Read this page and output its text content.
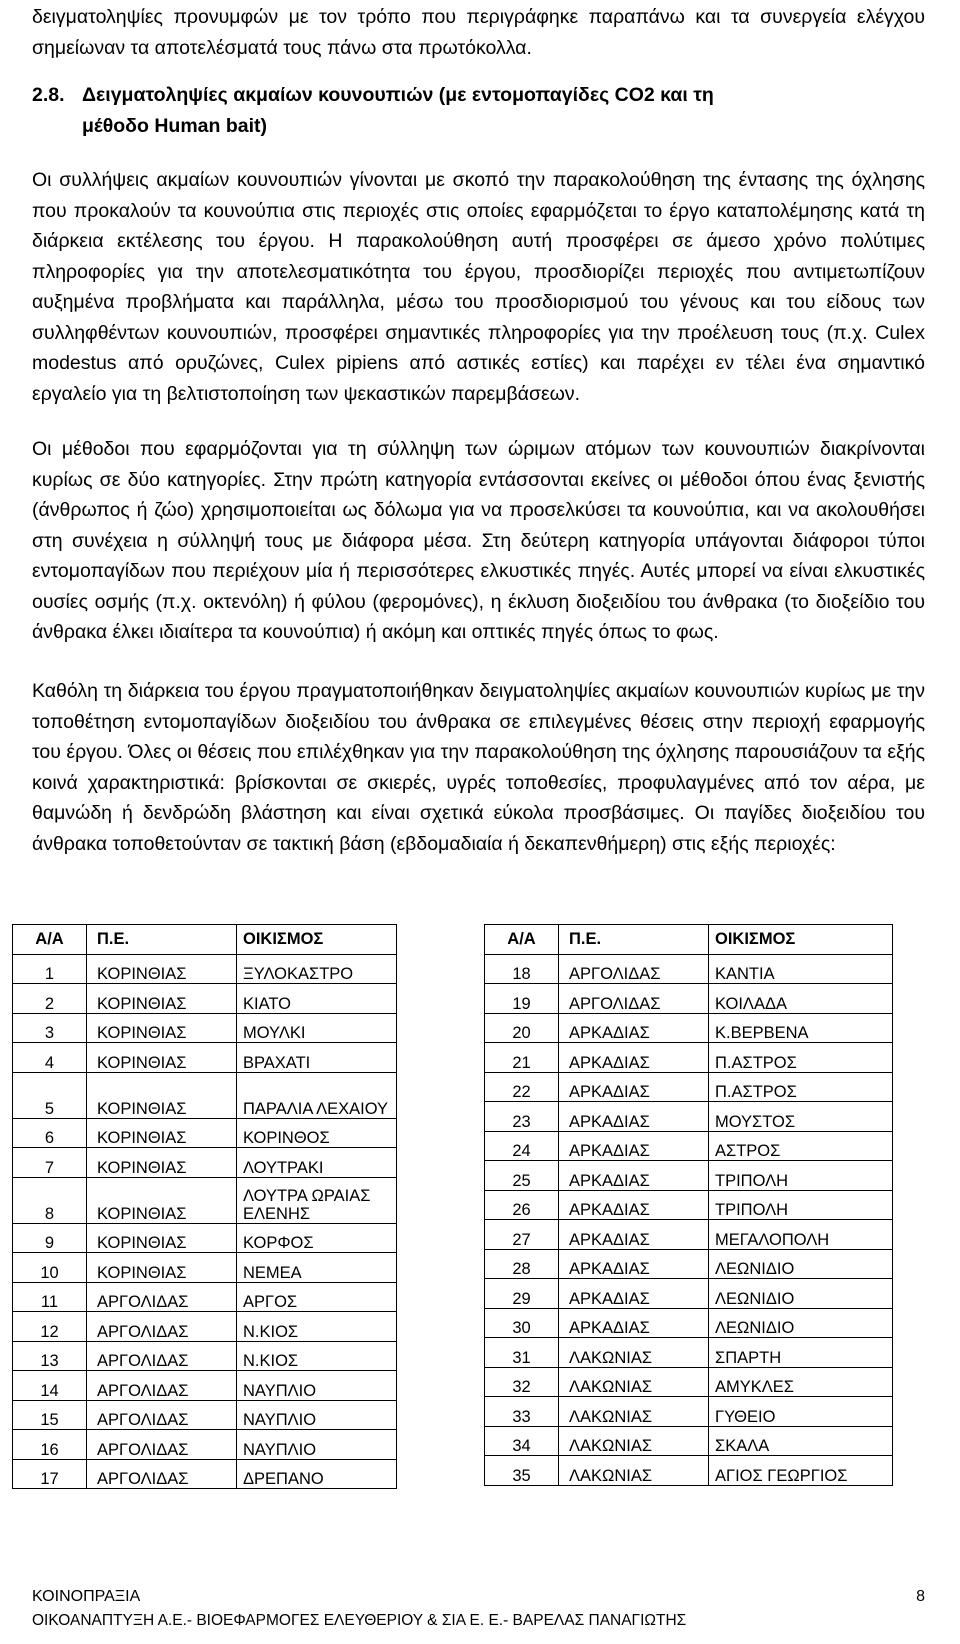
δειγματοληψίες προνυμφών με τον τρόπο που περιγράφηκε παραπάνω και τα συνεργεία ελέγχου σημείωναν τα αποτελέσματά τους πάνω στα πρωτόκολλα.

2.8. Δειγματοληψίες ακμαίων κουνουπιών (με εντομοπαγίδες CO2 και τη
μέθοδο Human bait)

Οι συλλήψεις ακμαίων κουνουπιών γίνονται με σκοπό την παρακολούθηση της έντασης της όχλησης που προκαλούν τα κουνούπια στις περιοχές στις οποίες εφαρμόζεται το έργο καταπολέμησης κατά τη διάρκεια εκτέλεσης του έργου. Η παρακολούθηση αυτή προσφέρει σε άμεσο χρόνο πολύτιμες πληροφορίες για την αποτελεσματικότητα του έργου, προσδιορίζει περιοχές που αντιμετωπίζουν αυξημένα προβλήματα και παράλληλα, μέσω του προσδιορισμού του γένους και του είδους των συλληφθέντων κουνουπιών, προσφέρει σημαντικές πληροφορίες για την προέλευση τους (π.χ. Culex modestus από ορυζώνες, Culex pipiens από αστικές εστίες) και παρέχει εν τέλει ένα σημαντικό εργαλείο για τη βελτιστοποίηση των ψεκαστικών παρεμβάσεων.

Οι μέθοδοι που εφαρμόζονται για τη σύλληψη των ώριμων ατόμων των κουνουπιών διακρίνονται κυρίως σε δύο κατηγορίες. Στην πρώτη κατηγορία εντάσσονται εκείνες οι μέθοδοι όπου ένας ξενιστής (άνθρωπος ή ζώο) χρησιμοποιείται ως δόλωμα για να προσελκύσει τα κουνούπια, και να ακολουθήσει στη συνέχεια η σύλληψή τους με διάφορα μέσα. Στη δεύτερη κατηγορία υπάγονται διάφοροι τύποι εντομοπαγίδων που περιέχουν μία ή περισσότερες ελκυστικές πηγές. Αυτές μπορεί να είναι ελκυστικές ουσίες οσμής (π.χ. οκτενόλη) ή φύλου (φερομόνες), η έκλυση διοξειδίου του άνθρακα (το διοξείδιο του άνθρακα έλκει ιδιαίτερα τα κουνούπια) ή ακόμη και οπτικές πηγές όπως το φως.

Καθόλη τη διάρκεια του έργου πραγματοποιήθηκαν δειγματοληψίες ακμαίων κουνουπιών κυρίως με την τοποθέτηση εντομοπαγίδων διοξειδίου του άνθρακα σε επιλεγμένες θέσεις στην περιοχή εφαρμογής του έργου. Όλες οι θέσεις που επιλέχθηκαν για την παρακολούθηση της όχλησης παρουσιάζουν τα εξής κοινά χαρακτηριστικά: βρίσκονται σε σκιερές, υγρές τοποθεσίες, προφυλαγμένες από τον αέρα, με θαμνώδη ή δενδρώδη βλάστηση και είναι σχετικά εύκολα προσβάσιμες. Οι παγίδες διοξειδίου του άνθρακα τοποθετούνταν σε τακτική βάση (εβδομαδιαία ή δεκαπενθήμερη) στις εξής περιοχές:

Α/Α	Π.Ε.	ΟΙΚΙΣΜΟΣ
1	ΚΟΡΙΝΘΙΑΣ	ΞΥΛΟΚΑΣΤΡΟ
2	ΚΟΡΙΝΘΙΑΣ	ΚΙΑΤΟ
3	ΚΟΡΙΝΘΙΑΣ	ΜΟΥΛΚΙ
4	ΚΟΡΙΝΘΙΑΣ	ΒΡΑΧΑΤΙ
5	ΚΟΡΙΝΘΙΑΣ	ΠΑΡΑΛΙΑ ΛΕΧΑΙΟΥ
6	ΚΟΡΙΝΘΙΑΣ	ΚΟΡΙΝΘΟΣ
7	ΚΟΡΙΝΘΙΑΣ	ΛΟΥΤΡΑΚΙ
8	ΚΟΡΙΝΘΙΑΣ	ΛΟΥΤΡΑ ΩΡΑΙΑΣ ΕΛΕΝΗΣ
9	ΚΟΡΙΝΘΙΑΣ	ΚΟΡΦΟΣ
10	ΚΟΡΙΝΘΙΑΣ	ΝΕΜΕΑ
11	ΑΡΓΟΛΙΔΑΣ	ΑΡΓΟΣ
12	ΑΡΓΟΛΙΔΑΣ	Ν.ΚΙΟΣ
13	ΑΡΓΟΛΙΔΑΣ	Ν.ΚΙΟΣ
14	ΑΡΓΟΛΙΔΑΣ	ΝΑΥΠΛΙΟ
15	ΑΡΓΟΛΙΔΑΣ	ΝΑΥΠΛΙΟ
16	ΑΡΓΟΛΙΔΑΣ	ΝΑΥΠΛΙΟ
17	ΑΡΓΟΛΙΔΑΣ	ΔΡΕΠΑΝΟ
Α/Α	Π.Ε.	ΟΙΚΙΣΜΟΣ
18	ΑΡΓΟΛΙΔΑΣ	ΚΑΝΤΙΑ
19	ΑΡΓΟΛΙΔΑΣ	ΚΟΙΛΑΔΑ
20	ΑΡΚΑΔΙΑΣ	Κ.ΒΕΡΒΕΝΑ
21	ΑΡΚΑΔΙΑΣ	Π.ΑΣΤΡΟΣ
22	ΑΡΚΑΔΙΑΣ	Π.ΑΣΤΡΟΣ
23	ΑΡΚΑΔΙΑΣ	ΜΟΥΣΤΟΣ
24	ΑΡΚΑΔΙΑΣ	ΑΣΤΡΟΣ
25	ΑΡΚΑΔΙΑΣ	ΤΡΙΠΟΛΗ
26	ΑΡΚΑΔΙΑΣ	ΤΡΙΠΟΛΗ
27	ΑΡΚΑΔΙΑΣ	ΜΕΓΑΛΟΠΟΛΗ
28	ΑΡΚΑΔΙΑΣ	ΛΕΩΝΙΔΙΟ
29	ΑΡΚΑΔΙΑΣ	ΛΕΩΝΙΔΙΟ
30	ΑΡΚΑΔΙΑΣ	ΛΕΩΝΙΔΙΟ
31	ΛΑΚΩΝΙΑΣ	ΣΠΑΡΤΗ
32	ΛΑΚΩΝΙΑΣ	ΑΜΥΚΛΕΣ
33	ΛΑΚΩΝΙΑΣ	ΓΥΘΕΙΟ
34	ΛΑΚΩΝΙΑΣ	ΣΚΑΛΑ
35	ΛΑΚΩΝΙΑΣ	ΑΓΙΟΣ ΓΕΩΡΓΙΟΣ
ΚΟΙΝΟΠΡΑΞΙΑ	8
ΟΙΚΟΑΝΑΠΤΥΞΗ Α.Ε.- ΒΙΟΕΦΑΡΜΟΓΕΣ ΕΛΕΥΘΕΡΙΟΥ & ΣΙΑ Ε. Ε.- ΒΑΡΕΛΑΣ ΠΑΝΑΓΙΩΤΗΣ
